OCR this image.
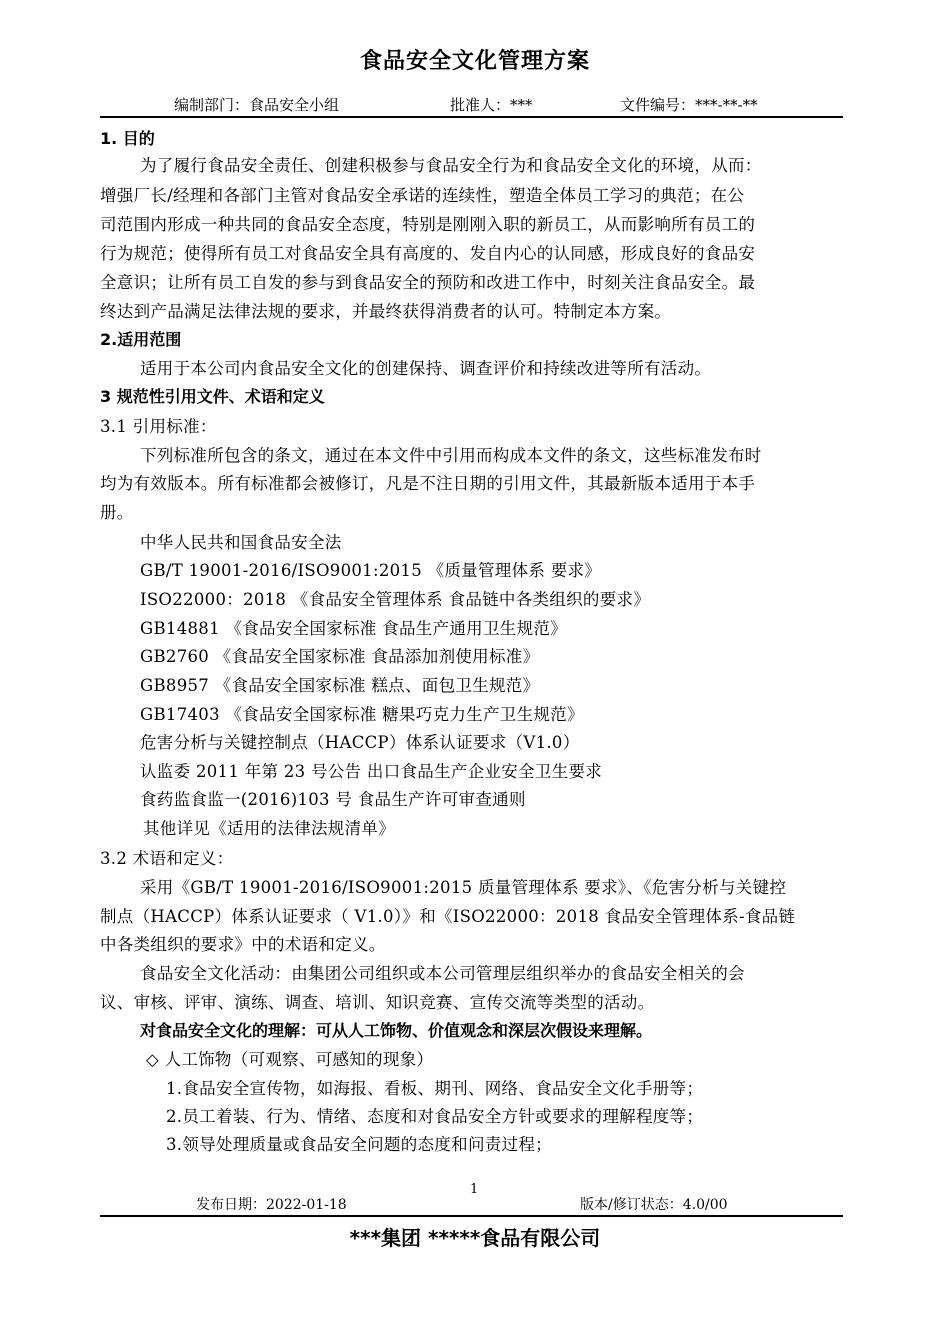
食品安全文化管理方案
编制部门：食品安全小组	批准人：***	文件编号：***-**-**
1. 目的
为了履行食品安全责任、创建积极参与食品安全行为和食品安全文化的环境，从而：
增强厂长/经理和各部门主管对食品安全承诺的连续性，塑造全体员工学习的典范；在公
司范围内形成一种共同的食品安全态度，特别是刚刚入职的新员工，从而影响所有员工的
行为规范；使得所有员工对食品安全具有高度的、发自内心的认同感，形成良好的食品安
全意识；让所有员工自发的参与到食品安全的预防和改进工作中，时刻关注食品安全。最
终达到产品满足法律法规的要求，并最终获得消费者的认可。特制定本方案。
2.适用范围
适用于本公司内食品安全文化的创建保持、调查评价和持续改进等所有活动。
3 规范性引用文件、术语和定义
3.1 引用标准：
下列标准所包含的条文，通过在本文件中引用而构成本文件的条文，这些标准发布时
均为有效版本。所有标准都会被修订，凡是不注日期的引用文件，其最新版本适用于本手
册。
中华人民共和国食品安全法
GB/T 19001-2016/ISO9001:2015 《质量管理体系 要求》
ISO22000：2018 《食品安全管理体系 食品链中各类组织的要求》
GB14881 《食品安全国家标准 食品生产通用卫生规范》
GB2760 《食品安全国家标准 食品添加剂使用标准》
GB8957 《食品安全国家标准 糕点、面包卫生规范》
GB17403 《食品安全国家标准 糖果巧克力生产卫生规范》
危害分析与关键控制点（HACCP）体系认证要求（V1.0）
认监委 2011 年第 23 号公告 出口食品生产企业安全卫生要求
食药监食监一(2016)103 号 食品生产许可审查通则
其他详见《适用的法律法规清单》
3.2 术语和定义：
采用《GB/T 19001-2016/ISO9001:2015 质量管理体系 要求》、《危害分析与关键控
制点（HACCP）体系认证要求（ V1.0）》和《ISO22000：2018 食品安全管理体系-食品链
中各类组织的要求》中的术语和定义。
食品安全文化活动：由集团公司组织或本公司管理层组织举办的食品安全相关的会
议、审核、评审、演练、调查、培训、知识竞赛、宣传交流等类型的活动。
对食品安全文化的理解：可从人工饰物、价值观念和深层次假设来理解。
◇ 人工饰物（可观察、可感知的现象）
1.食品安全宣传物，如海报、看板、期刊、网络、食品安全文化手册等；
2.员工着装、行为、情绪、态度和对食品安全方针或要求的理解程度等；
3.领导处理质量或食品安全问题的态度和问责过程；
1
发布日期：2022-01-18	版本/修订状态：4.0/00
***集团 *****食品有限公司
